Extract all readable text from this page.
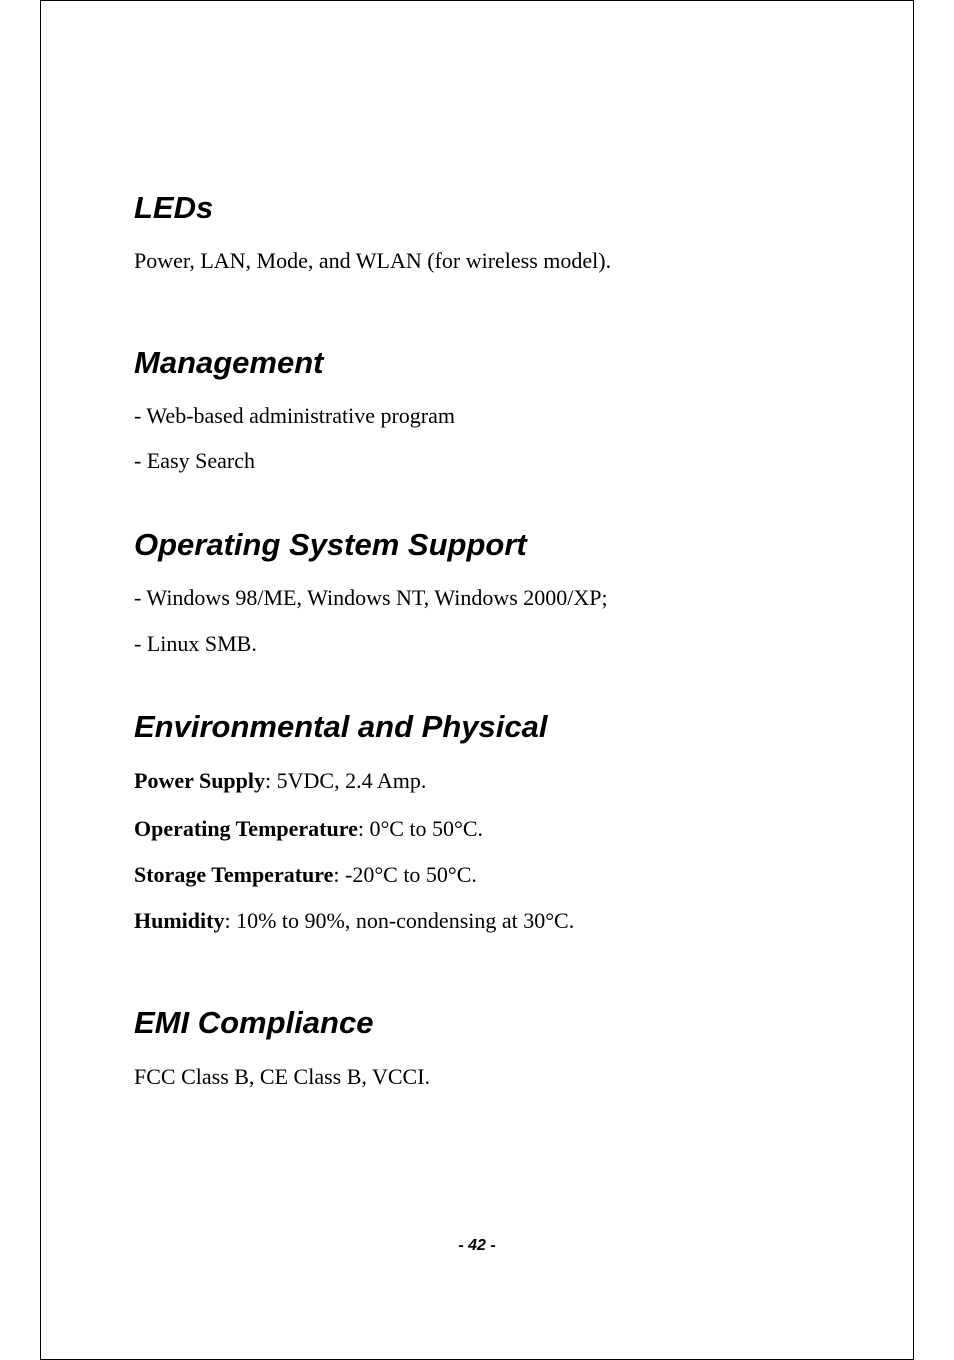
LEDs

Power, LAN, Mode, and WLAN (for wireless model).

Management

- Web-based administrative program

- Easy Search

Operating System Support

- Windows 98/ME, Windows NT, Windows 2000/XP;

- Linux SMB.

Environmental and Physical

Power Supply: 5VDC, 2.4 Amp.

Operating Temperature: 0°C to 50°C.

Storage Temperature: -20°C to 50°C.

Humidity: 10% to 90%, non-condensing at 30°C.

EMI Compliance

FCC Class B, CE Class B, VCCI.

- 42 -
